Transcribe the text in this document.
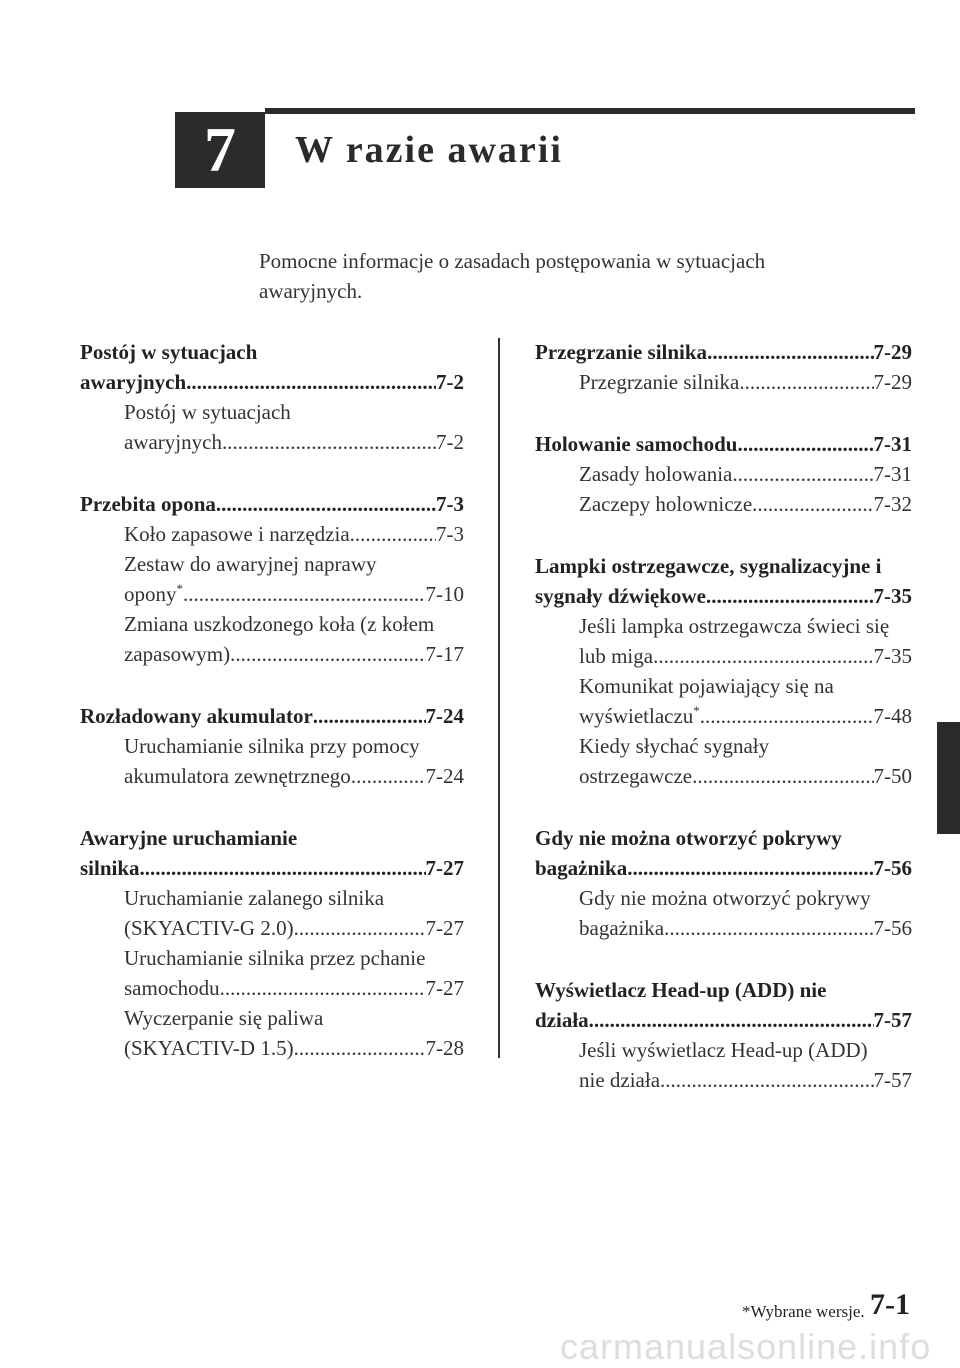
7 W razie awarii
Pomocne informacje o zasadach postępowania w sytuacjach
awaryjnych.
Postój w sytuacjach
awaryjnych .....	7-2
Postój w sytuacjach
awaryjnych .....	7-2
Przebita opona .....	7-3
Koło zapasowe i narzędzia .....	7-3
Zestaw do awaryjnej naprawy
opony* .....	7-10
Zmiana uszkodzonego koła (z kołem
zapasowym) .....	7-17
Rozładowany akumulator .....	7-24
Uruchamianie silnika przy pomocy
akumulatora zewnętrznego .....	7-24
Awaryjne uruchamianie
silnika .....	7-27
Uruchamianie zalanego silnika
(SKYACTIV-G 2.0) .....	7-27
Uruchamianie silnika przez pchanie
samochodu .....	7-27
Wyczerpanie się paliwa
(SKYACTIV-D 1.5) .....	7-28
Przegrzanie silnika .....	7-29
Przegrzanie silnika .....	7-29
Holowanie samochodu .....	7-31
Zasady holowania .....	7-31
Zaczepy holownicze .....	7-32
Lampki ostrzegawcze, sygnalizacyjne i
sygnały dźwiękowe .....	7-35
Jeśli lampka ostrzegawcza świeci się
lub miga .....	7-35
Komunikat pojawiający się na
wyświetlaczu* .....	7-48
Kiedy słychać sygnały
ostrzegawcze .....	7-50
Gdy nie można otworzyć pokrywy
bagażnika .....	7-56
Gdy nie można otworzyć pokrywy
bagażnika .....	7-56
Wyświetlacz Head-up (ADD) nie
działa .....	7-57
Jeśli wyświetlacz Head-up (ADD)
nie działa .....	7-57
*Wybrane wersje. 7-1
carmanualsonline.info
